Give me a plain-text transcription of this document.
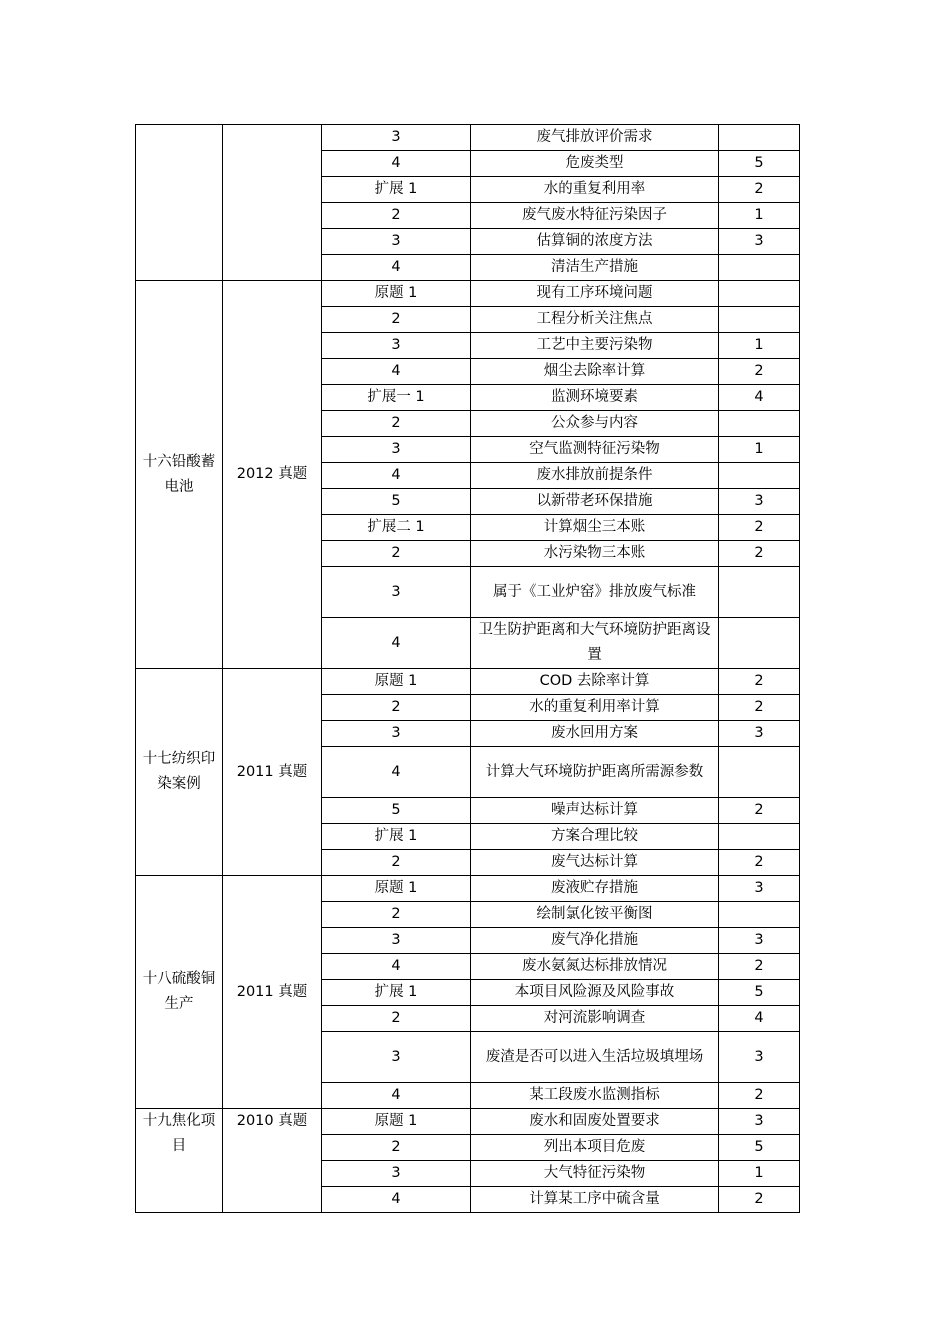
		3	废气排放评价需求	
		4	危废类型	5
		扩展 1	水的重复利用率	2
		2	废气废水特征污染因子	1
		3	估算铜的浓度方法	3
		4	清洁生产措施	
十六铅酸蓄电池	2012 真题	原题 1	现有工序环境问题	
		2	工程分析关注焦点	
		3	工艺中主要污染物	1
		4	烟尘去除率计算	2
		扩展一 1	监测环境要素	4
		2	公众参与内容	
		3	空气监测特征污染物	1
		4	废水排放前提条件	
		5	以新带老环保措施	3
		扩展二 1	计算烟尘三本账	2
		2	水污染物三本账	2
		3	属于《工业炉窑》排放废气标准	
		4	卫生防护距离和大气环境防护距离设置	
十七纺织印染案例	2011 真题	原题 1	COD 去除率计算	2
		2	水的重复利用率计算	2
		3	废水回用方案	3
		4	计算大气环境防护距离所需源参数	
		5	噪声达标计算	2
		扩展 1	方案合理比较	
		2	废气达标计算	2
十八硫酸铜生产	2011 真题	原题 1	废液贮存措施	3
		2	绘制氯化铵平衡图	
		3	废气净化措施	3
		4	废水氨氮达标排放情况	2
		扩展 1	本项目风险源及风险事故	5
		2	对河流影响调查	4
		3	废渣是否可以进入生活垃圾填埋场	3
		4	某工段废水监测指标	2
十九焦化项目	2010 真题	原题 1	废水和固废处置要求	3
		2	列出本项目危废	5
		3	大气特征污染物	1
		4	计算某工序中硫含量	2
